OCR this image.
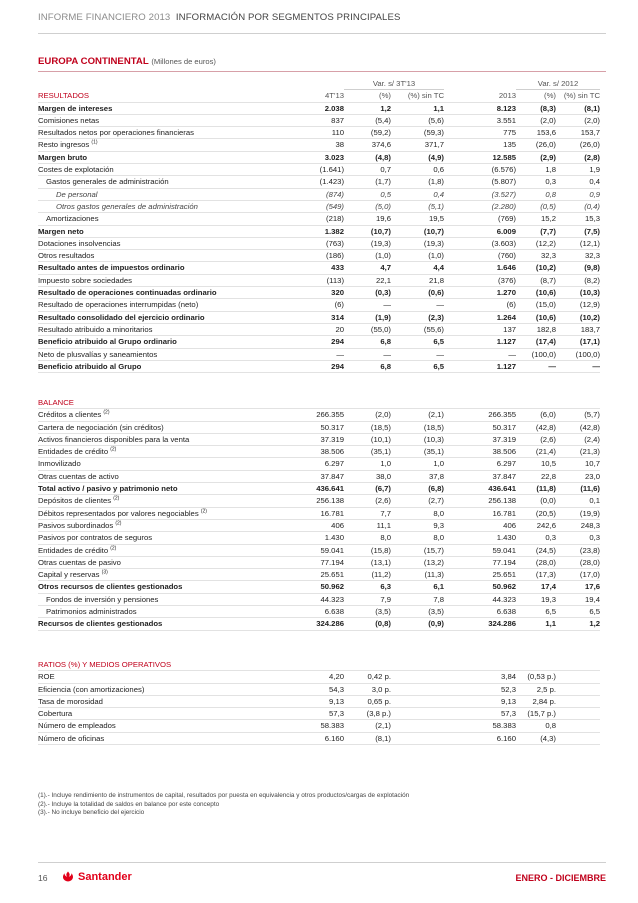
INFORME FINANCIERO 2013 INFORMACIÓN POR SEGMENTOS PRINCIPALES
EUROPA CONTINENTAL (Millones de euros)
		Var. s/ 3T'13			Var. s/ 2012	
RESULTADOS	4T'13	(%)	(%) sin TC	2013	(%)	(%) sin TC
Margen de intereses	2.038	1,2	1,1	8.123	(8,3)	(8,1)
Comisiones netas	837	(5,4)	(5,6)	3.551	(2,0)	(2,0)
Resultados netos por operaciones financieras	110	(59,2)	(59,3)	775	153,6	153,7
Resto ingresos $^{(1)}$	38	374,6	371,7	135	(26,0)	(26,0)
Margen bruto	3.023	(4,8)	(4,9)	12.585	(2,9)	(2,8)
Costes de explotación	(1.641)	0,7	0,6	(6.576)	1,8	1,9
Gastos generales de administración	(1.423)	(1,7)	(1,8)	(5.807)	0,3	0,4
De personal	(874)	0,5	0,4	(3.527)	0,8	0,9
Otros gastos generales de administración	(549)	(5,0)	(5,1)	(2.280)	(0,5)	(0,4)
Amortizaciones	(218)	19,6	19,5	(769)	15,2	15,3
Margen neto	1.382	(10,7)	(10,7)	6.009	(7,7)	(7,5)
Dotaciones insolvencias	(763)	(19,3)	(19,3)	(3.603)	(12,2)	(12,1)
Otros resultados	(186)	(1,0)	(1,0)	(760)	32,3	32,3
Resultado antes de impuestos ordinario	433	4,7	4,4	1.646	(10,2)	(9,8)
Impuesto sobre sociedades	(113)	22,1	21,8	(376)	(8,7)	(8,2)
Resultado de operaciones continuadas ordinario	320	(0,3)	(0,6)	1.270	(10,6)	(10,3)
Resultado de operaciones interrumpidas (neto)	(6)	—	—	(6)	(15,0)	(12,9)
Resultado consolidado del ejercicio ordinario	314	(1,9)	(2,3)	1.264	(10,6)	(10,2)
Resultado atribuido a minoritarios	20	(55,0)	(55,6)	137	182,8	183,7
Beneficio atribuido al Grupo ordinario	294	6,8	6,5	1.127	(17,4)	(17,1)
Neto de plusvalías y saneamientos	—	—	—	—	(100,0)	(100,0)
Beneficio atribuido al Grupo	294	6,8	6,5	1.127	—	—
BALANCE						
Créditos a clientes $^{(2)}$	266.355	(2,0)	(2,1)	266.355	(6,0)	(5,7)
Cartera de negociación (sin créditos)	50.317	(18,5)	(18,5)	50.317	(42,8)	(42,8)
Activos financieros disponibles para la venta	37.319	(10,1)	(10,3)	37.319	(2,6)	(2,4)
Entidades de crédito $^{(2)}$	38.506	(35,1)	(35,1)	38.506	(21,4)	(21,3)
Inmovilizado	6.297	1,0	1,0	6.297	10,5	10,7
Otras cuentas de activo	37.847	38,0	37,8	37.847	22,8	23,0
Total activo / pasivo y patrimonio neto	436.641	(6,7)	(6,8)	436.641	(11,8)	(11,6)
Depósitos de clientes $^{(2)}$	256.138	(2,6)	(2,7)	256.138	(0,0)	0,1
Débitos representados por valores negociables $^{(2)}$	16.781	7,7	8,0	16.781	(20,5)	(19,9)
Pasivos subordinados $^{(2)}$	406	11,1	9,3	406	242,6	248,3
Pasivos por contratos de seguros	1.430	8,0	8,0	1.430	0,3	0,3
Entidades de crédito $^{(2)}$	59.041	(15,8)	(15,7)	59.041	(24,5)	(23,8)
Otras cuentas de pasivo	77.194	(13,1)	(13,2)	77.194	(28,0)	(28,0)
Capital y reservas $^{(3)}$	25.651	(11,2)	(11,3)	25.651	(17,3)	(17,0)
Otros recursos de clientes gestionados	50.962	6,3	6,1	50.962	17,4	17,6
Fondos de inversión y pensiones	44.323	7,9	7,8	44.323	19,3	19,4
Patrimonios administrados	6.638	(3,5)	(3,5)	6.638	6,5	6,5
Recursos de clientes gestionados	324.286	(0,8)	(0,9)	324.286	1,1	1,2
RATIOS (%) Y MEDIOS OPERATIVOS						
ROE	4,20	0,42 p.		3,84	(0,53 p.)	
Eficiencia (con amortizaciones)	54,3	3,0 p.		52,3	2,5 p.	
Tasa de morosidad	9,13	0,65 p.		9,13	2,84 p.	
Cobertura	57,3	(3,8 p.)		57,3	(15,7 p.)	
Número de empleados	58.383	(2,1)		58.383	0,8	
Número de oficinas	6.160	(8,1)		6.160	(4,3)	
(1).- Incluye rendimiento de instrumentos de capital, resultados por puesta en equivalencia y otros productos/cargas de explotación
(2).- Incluye la totalidad de saldos en balance por este concepto
(3).- No incluye beneficio del ejercicio
16	Santander	ENERO - DICIEMBRE
